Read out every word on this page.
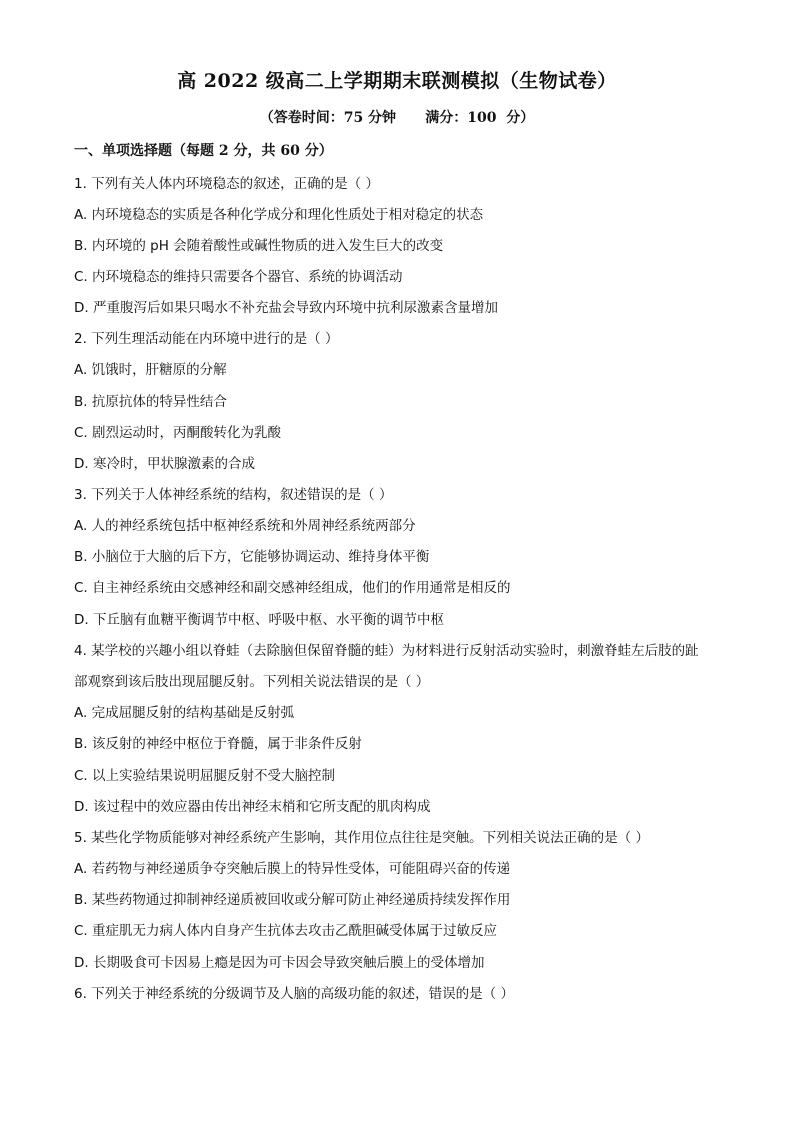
高 2022 级高二上学期期末联测模拟（生物试卷）
（答卷时间：75 分钟      满分：100  分）
一、单项选择题（每题 2 分，共 60 分）
1. 下列有关人体内环境稳态的叙述，正确的是（ ）
A. 内环境稳态的实质是各种化学成分和理化性质处于相对稳定的状态
B. 内环境的 pH 会随着酸性或碱性物质的进入发生巨大的改变
C. 内环境稳态的维持只需要各个器官、系统的协调活动
D. 严重腹泻后如果只喝水不补充盐会导致内环境中抗利尿激素含量增加
2. 下列生理活动能在内环境中进行的是（ ）
A. 饥饿时，肝糖原的分解
B. 抗原抗体的特异性结合
C. 剧烈运动时，丙酮酸转化为乳酸
D. 寒冷时，甲状腺激素的合成
3. 下列关于人体神经系统的结构，叙述错误的是（ ）
A. 人的神经系统包括中枢神经系统和外周神经系统两部分
B. 小脑位于大脑的后下方，它能够协调运动、维持身体平衡
C. 自主神经系统由交感神经和副交感神经组成，他们的作用通常是相反的
D. 下丘脑有血糖平衡调节中枢、呼吸中枢、水平衡的调节中枢
4. 某学校的兴趣小组以脊蛙（去除脑但保留脊髓的蛙）为材料进行反射活动实验时，刺激脊蛙左后肢的趾
部观察到该后肢出现屈腿反射。下列相关说法错误的是（ ）
A. 完成屈腿反射的结构基础是反射弧
B. 该反射的神经中枢位于脊髓，属于非条件反射
C. 以上实验结果说明屈腿反射不受大脑控制
D. 该过程中的效应器由传出神经末梢和它所支配的肌肉构成
5. 某些化学物质能够对神经系统产生影响，其作用位点往往是突触。下列相关说法正确的是（ ）
A. 若药物与神经递质争夺突触后膜上的特异性受体，可能阻碍兴奋的传递
B. 某些药物通过抑制神经递质被回收或分解可防止神经递质持续发挥作用
C. 重症肌无力病人体内自身产生抗体去攻击乙酰胆碱受体属于过敏反应
D. 长期吸食可卡因易上瘾是因为可卡因会导致突触后膜上的受体增加
6. 下列关于神经系统的分级调节及人脑的高级功能的叙述，错误的是（ ）
